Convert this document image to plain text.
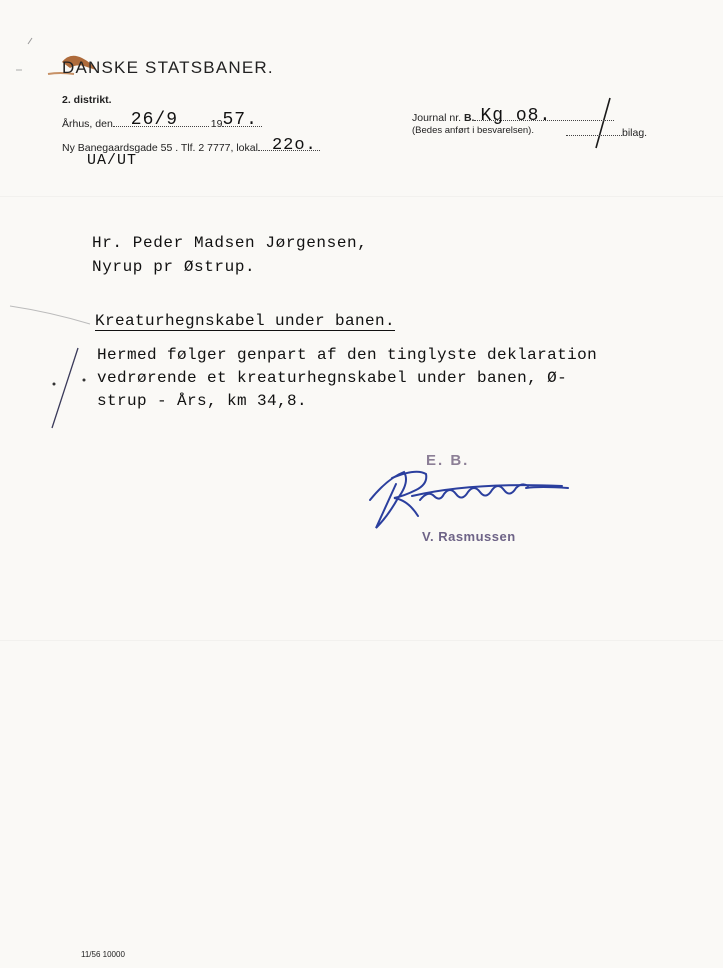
DANSKE STATSBANER.
2. distrikt.
Århus, den 26/9	19 57.
Ny Banegaardsgade 55 . Tlf. 2 7777, lokal 22o.
UA/UT
Journal nr. B. Kg o8.
(Bedes anført i besvarelsen).	bilag.
Hr. Peder Madsen Jørgensen,
Nyrup pr Østrup.
Kreaturhegnskabel under banen.
Hermed følger genpart af den tinglyste deklaration
vedrørende et kreaturhegnskabel under banen, Ø-
strup - Års, km 34,8.
E. B.
V. Rasmussen
11/56 10000
